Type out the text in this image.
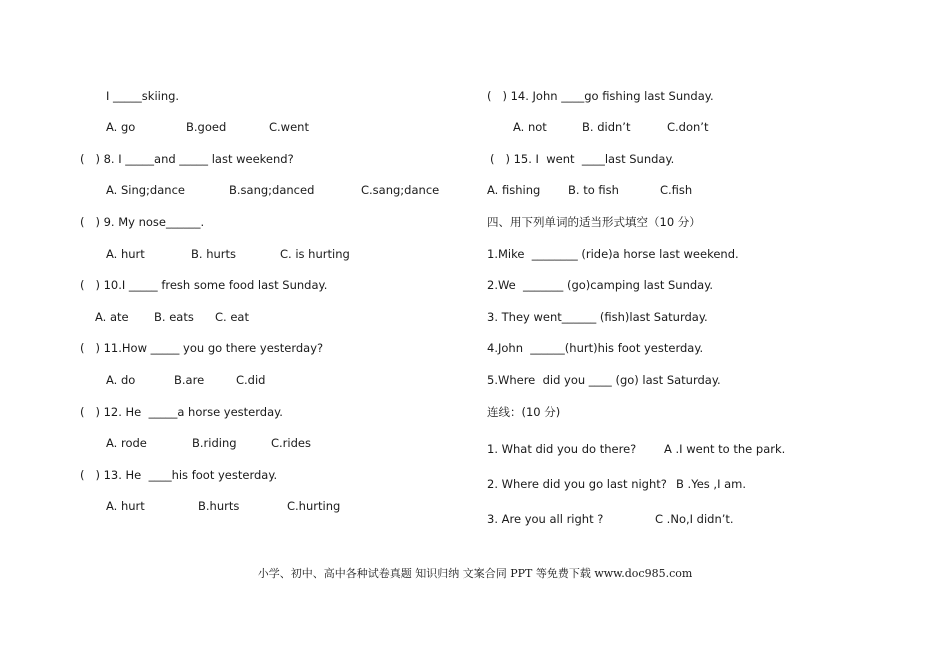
I _____skiing.
A. go	B.goed	C.went
(   ) 8. I _____and _____ last weekend?
A. Sing;dance	B.sang;danced	C.sang;dance
(   ) 9. My nose______.
A. hurt	B. hurts	C. is hurting
(   ) 10.I _____ fresh some food last Sunday.
A. ate B. eats C. eat
(   ) 11.How _____ you go there yesterday?
A. do	B.are	C.did
(   ) 12. He  _____a horse yesterday.
A. rode	B.riding	C.rides
(   ) 13. He  ____his foot yesterday.
A. hurt	B.hurts	C.hurting
(   ) 14. John ____go fishing last Sunday.
A. not	B. didn’t	C.don’t
(   ) 15. I  went  ____last Sunday.
A. fishing B. to fish	C.fish
四、用下列单词的适当形式填空（10 分）
1.Mike  ________ (ride)a horse last weekend.
2.We  _______ (go)camping last Sunday.
3. They went______ (fish)last Saturday.
4.John  ______(hurt)his foot yesterday.
5.Where  did you ____ (go) last Saturday.
连线：(10 分)
1. What did you do there? A .I went to the park.
2. Where did you go last night? B .Yes ,I am.
3. Are you all right ?	C .No,I didn’t.
小学、初中、高中各种试卷真题 知识归纳 文案合同 PPT 等免费下载 www.doc985.com
